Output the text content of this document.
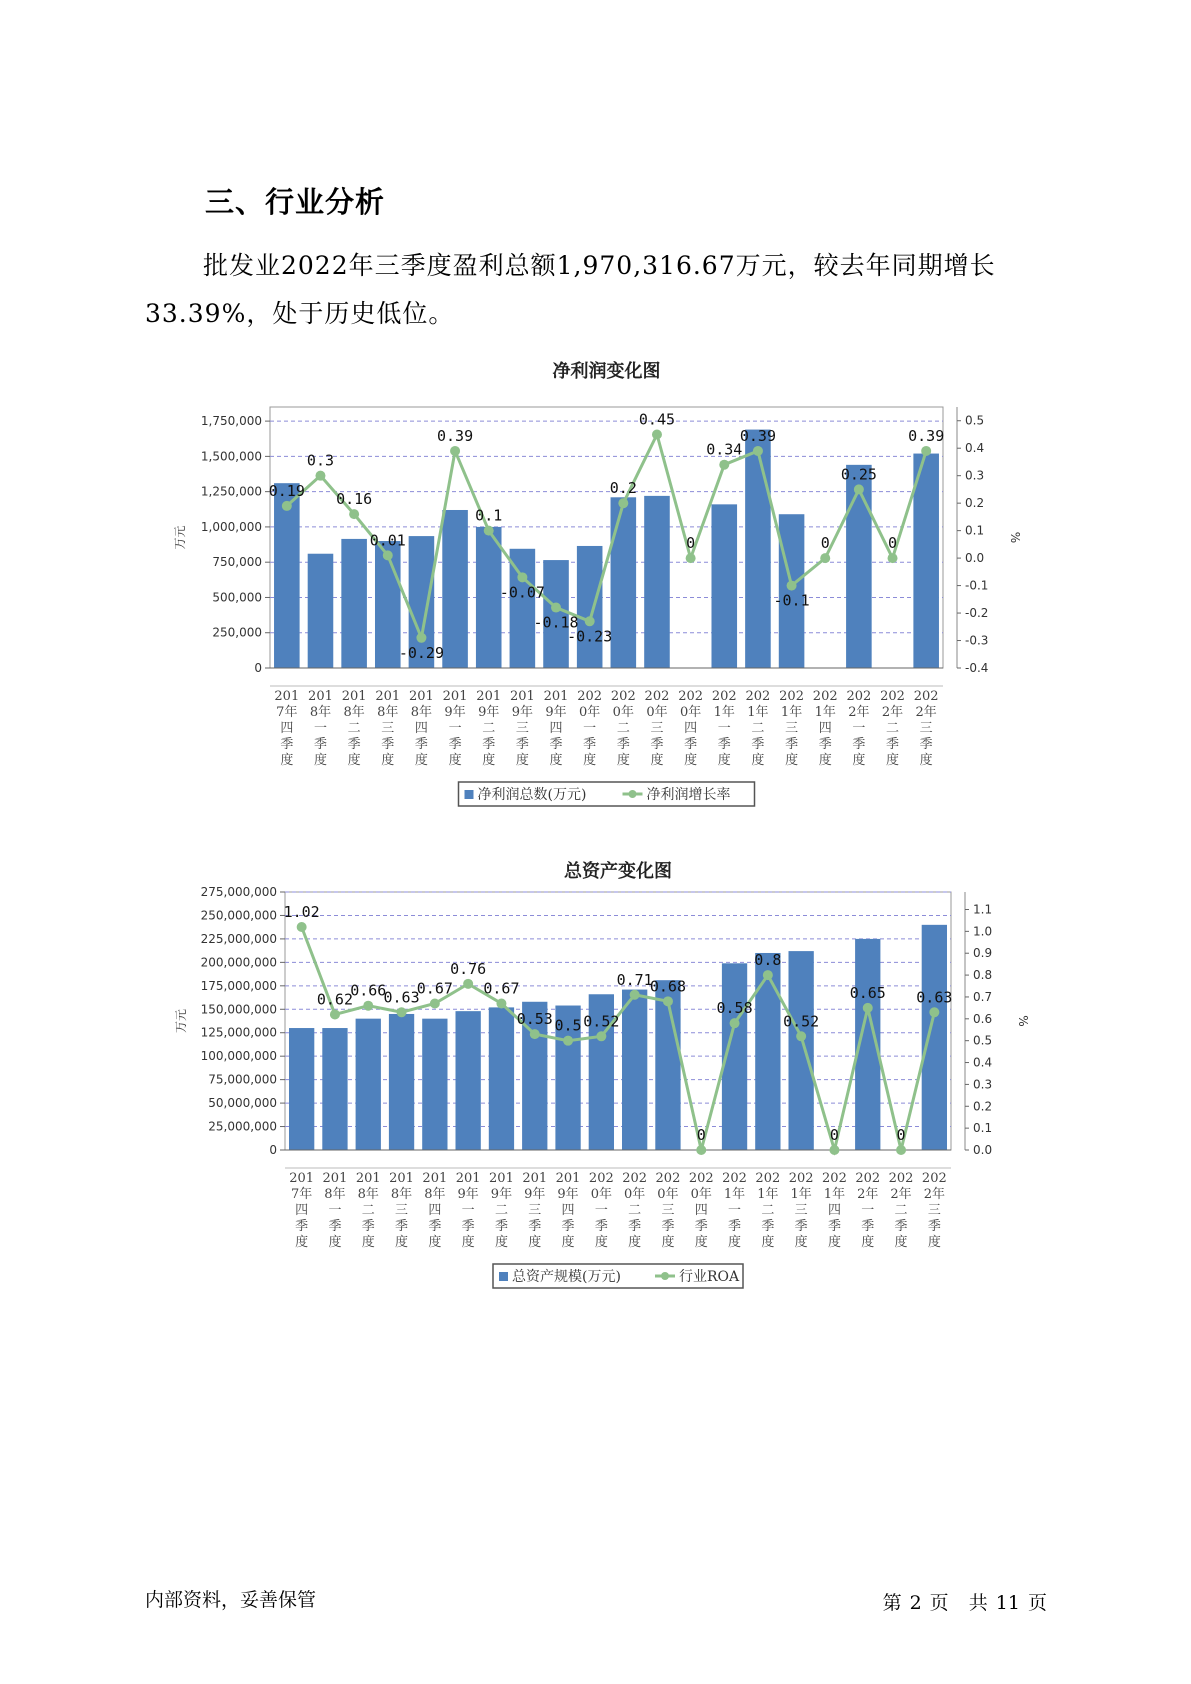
三、行业分析

批发业2022年三季度盈利总额1,970,316.67万元，较去年同期增长33.39%，处于历史低位。

净利润变化图
0
250,000
500,000
750,000
1,000,000
1,250,000
1,500,000
1,750,000
-0.4
-0.3
-0.2
-0.1
0.0
0.1
0.2
0.3
0.4
0.5
万元	%
201
7年
四
季
度
201
8年
一
季
度
201
8年
二
季
度
201
8年
三
季
度
201
8年
四
季
度
201
9年
一
季
度
201
9年
二
季
度
201
9年
三
季
度
201
9年
四
季
度
202
0年
一
季
度
202
0年
二
季
度
202
0年
三
季
度
202
0年
四
季
度
202
1年
一
季
度
202
1年
二
季
度
202
1年
三
季
度
202
1年
四
季
度
202
2年
一
季
度
202
2年
二
季
度
202
2年
三
季
度
0.19
0.3
0.16
0.01
-0.29
0.39
0.1
-0.07
-0.18
-0.23
0.2
0.45
0
0.34
0.39
-0.1
0
0.25
0
0.39
净利润总数(万元)	净利润增长率
总资产变化图
0
25,000,000
50,000,000
75,000,000
100,000,000
125,000,000
150,000,000
175,000,000
200,000,000
225,000,000
250,000,000
275,000,000
0.0
0.1
0.2
0.3
0.4
0.5
0.6
0.7
0.8
0.9
1.0
1.1
万元	%
201
7年
四
季
度
201
8年
一
季
度
201
8年
二
季
度
201
8年
三
季
度
201
8年
四
季
度
201
9年
一
季
度
201
9年
二
季
度
201
9年
三
季
度
201
9年
四
季
度
202
0年
一
季
度
202
0年
二
季
度
202
0年
三
季
度
202
0年
四
季
度
202
1年
一
季
度
202
1年
二
季
度
202
1年
三
季
度
202
1年
四
季
度
202
2年
一
季
度
202
2年
二
季
度
202
2年
三
季
度
1.02
0.62
0.66
0.63
0.67
0.76
0.67
0.53 0.5 0.52
0.71
0.68
0
0.58
0.8
0.52
0
0.65
0
0.63
总资产规模(万元)	行业ROA
内部资料，妥善保管	第 2 页 共 11 页
